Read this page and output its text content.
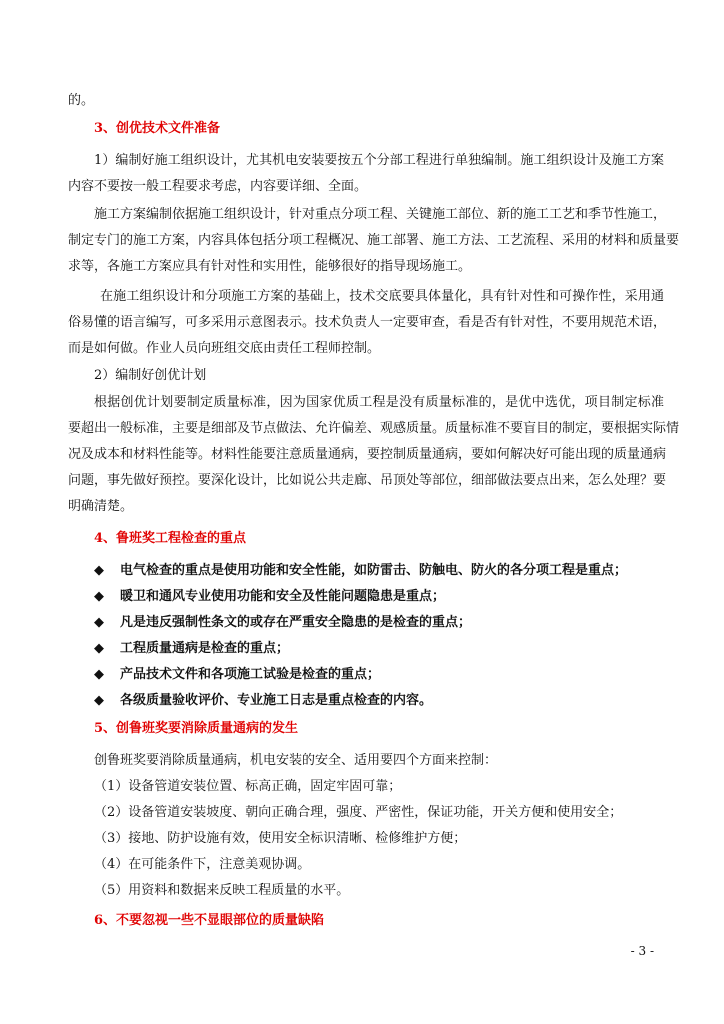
的。
3、创优技术文件准备
1）编制好施工组织设计，尤其机电安装要按五个分部工程进行单独编制。施工组织设计及施工方案
内容不要按一般工程要求考虑，内容要详细、全面。
施工方案编制依据施工组织设计，针对重点分项工程、关键施工部位、新的施工工艺和季节性施工，
制定专门的施工方案，内容具体包括分项工程概况、施工部署、施工方法、工艺流程、采用的材料和质量要
求等，各施工方案应具有针对性和实用性，能够很好的指导现场施工。
在施工组织设计和分项施工方案的基础上，技术交底要具体量化，具有针对性和可操作性，采用通
俗易懂的语言编写，可多采用示意图表示。技术负责人一定要审查，看是否有针对性，不要用规范术语，
而是如何做。作业人员向班组交底由责任工程师控制。
2）编制好创优计划
根据创优计划要制定质量标准，因为国家优质工程是没有质量标准的，是优中选优，项目制定标准
要超出一般标准，主要是细部及节点做法、允许偏差、观感质量。质量标准不要盲目的制定，要根据实际情
况及成本和材料性能等。材料性能要注意质量通病，要控制质量通病，要如何解决好可能出现的质量通病
问题，事先做好预控。要深化设计，比如说公共走廊、吊顶处等部位，细部做法要点出来，怎么处理？要
明确清楚。
4、鲁班奖工程检查的重点
◆ 电气检查的重点是使用功能和安全性能，如防雷击、防触电、防火的各分项工程是重点；
◆ 暖卫和通风专业使用功能和安全及性能问题隐患是重点；
◆ 凡是违反强制性条文的或存在严重安全隐患的是检查的重点；
◆ 工程质量通病是检查的重点；
◆ 产品技术文件和各项施工试验是检查的重点；
◆ 各级质量验收评价、专业施工日志是重点检查的内容。
5、创鲁班奖要消除质量通病的发生
创鲁班奖要消除质量通病，机电安装的安全、适用要四个方面来控制：
（1）设备管道安装位置、标高正确，固定牢固可靠；
（2）设备管道安装坡度、朝向正确合理，强度、严密性，保证功能，开关方便和使用安全；
（3）接地、防护设施有效，使用安全标识清晰、检修维护方便；
（4）在可能条件下，注意美观协调。
（5）用资料和数据来反映工程质量的水平。
6、不要忽视一些不显眼部位的质量缺陷
- 3 -
